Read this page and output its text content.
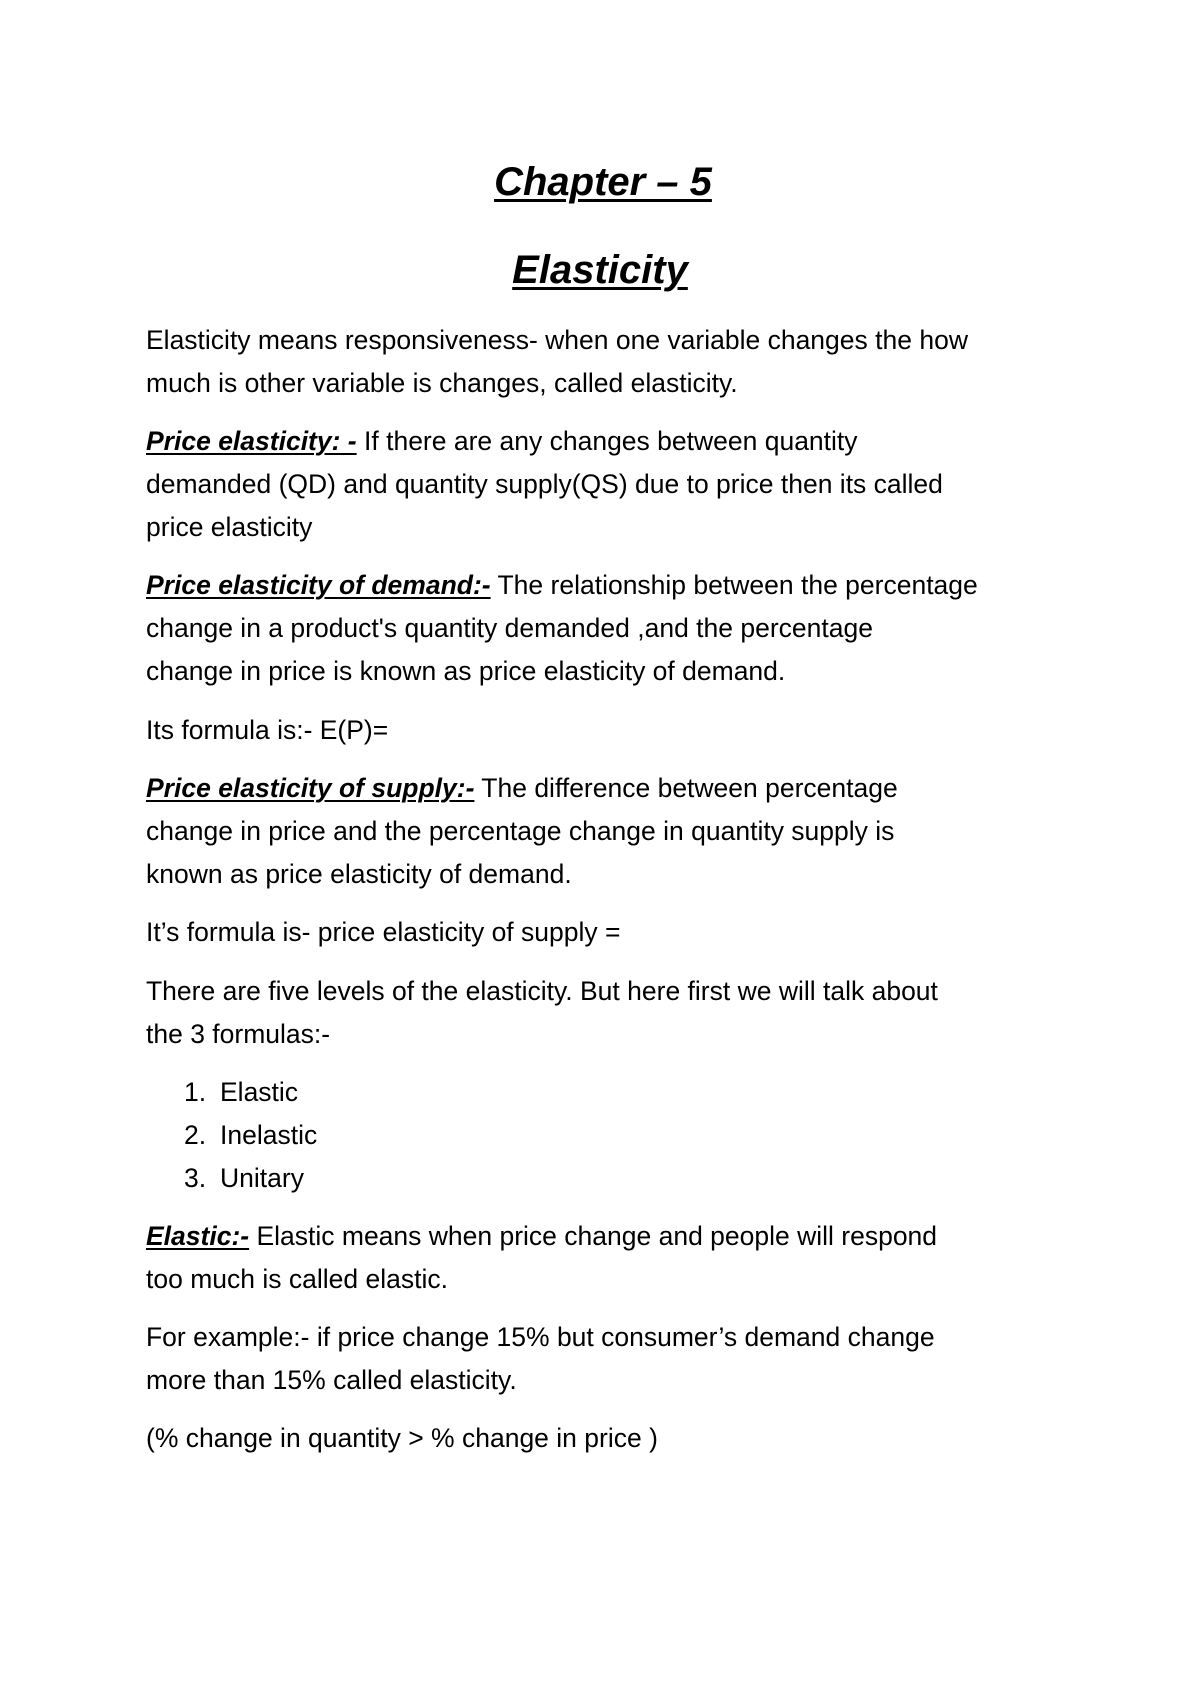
Chapter – 5
Elasticity

Elasticity means responsiveness- when one variable changes the how
much is other variable is changes, called elasticity.

Price elasticity: - If there are any changes between quantity
demanded (QD) and quantity supply(QS) due to price then its called
price elasticity

Price elasticity of demand:- The relationship between the percentage
change in a product's quantity demanded ,and the percentage
change in price is known as price elasticity of demand.

Its formula is:- E(P)=

Price elasticity of supply:- The difference between percentage
change in price and the percentage change in quantity supply is
known as price elasticity of demand.

It’s formula is- price elasticity of supply =

There are five levels of the elasticity. But here first we will talk about
the 3 formulas:-

1. Elastic
2. Inelastic
3. Unitary

Elastic:- Elastic means when price change and people will respond
too much is called elastic.

For example:- if price change 15% but consumer’s demand change
more than 15% called elasticity.

(% change in quantity > % change in price )
